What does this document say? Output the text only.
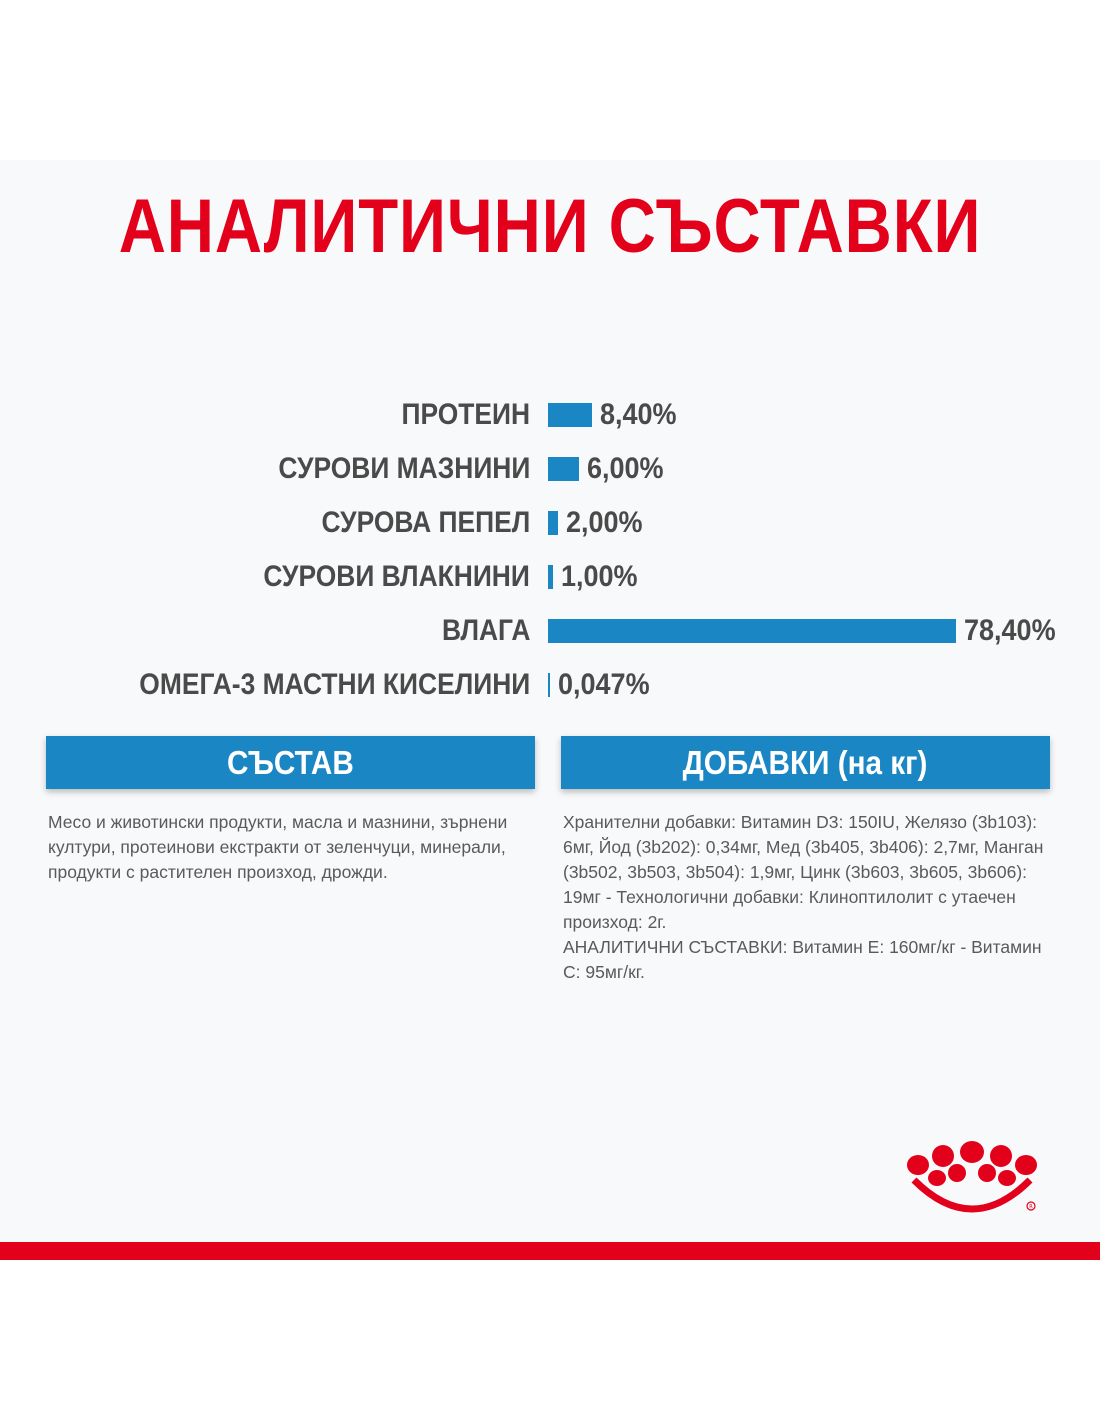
АНАЛИТИЧНИ СЪСТАВКИ
ПРОТЕИН 8,40%
СУРОВИ МАЗНИНИ 6,00%
СУРОВА ПЕПЕЛ 2,00%
СУРОВИ ВЛАКНИНИ 1,00%
ВЛАГА	78,40%
ОМЕГА-3 МАСТНИ КИСЕЛИНИ 0,047%
СЪСТАВ	ДОБАВКИ (на кг)

Месо и животински продукти, масла и мазнини, зърнени култури, протеинови екстракти от зеленчуци, минерали, продукти с растителен произход, дрожди.

Хранителни добавки: Витамин D3: 150IU, Желязо (3b103): 6мг, Йод (3b202): 0,34мг, Мед (3b405, 3b406): 2,7мг, Манган (3b502, 3b503, 3b504): 1,9мг, Цинк (3b603, 3b605, 3b606): 19мг - Технологични добавки: Клиноптилолит с утаечен произход: 2г.
АНАЛИТИЧНИ СЪСТАВКИ: Витамин Е: 160мг/кг - Витамин С: 95мг/кг.
R
